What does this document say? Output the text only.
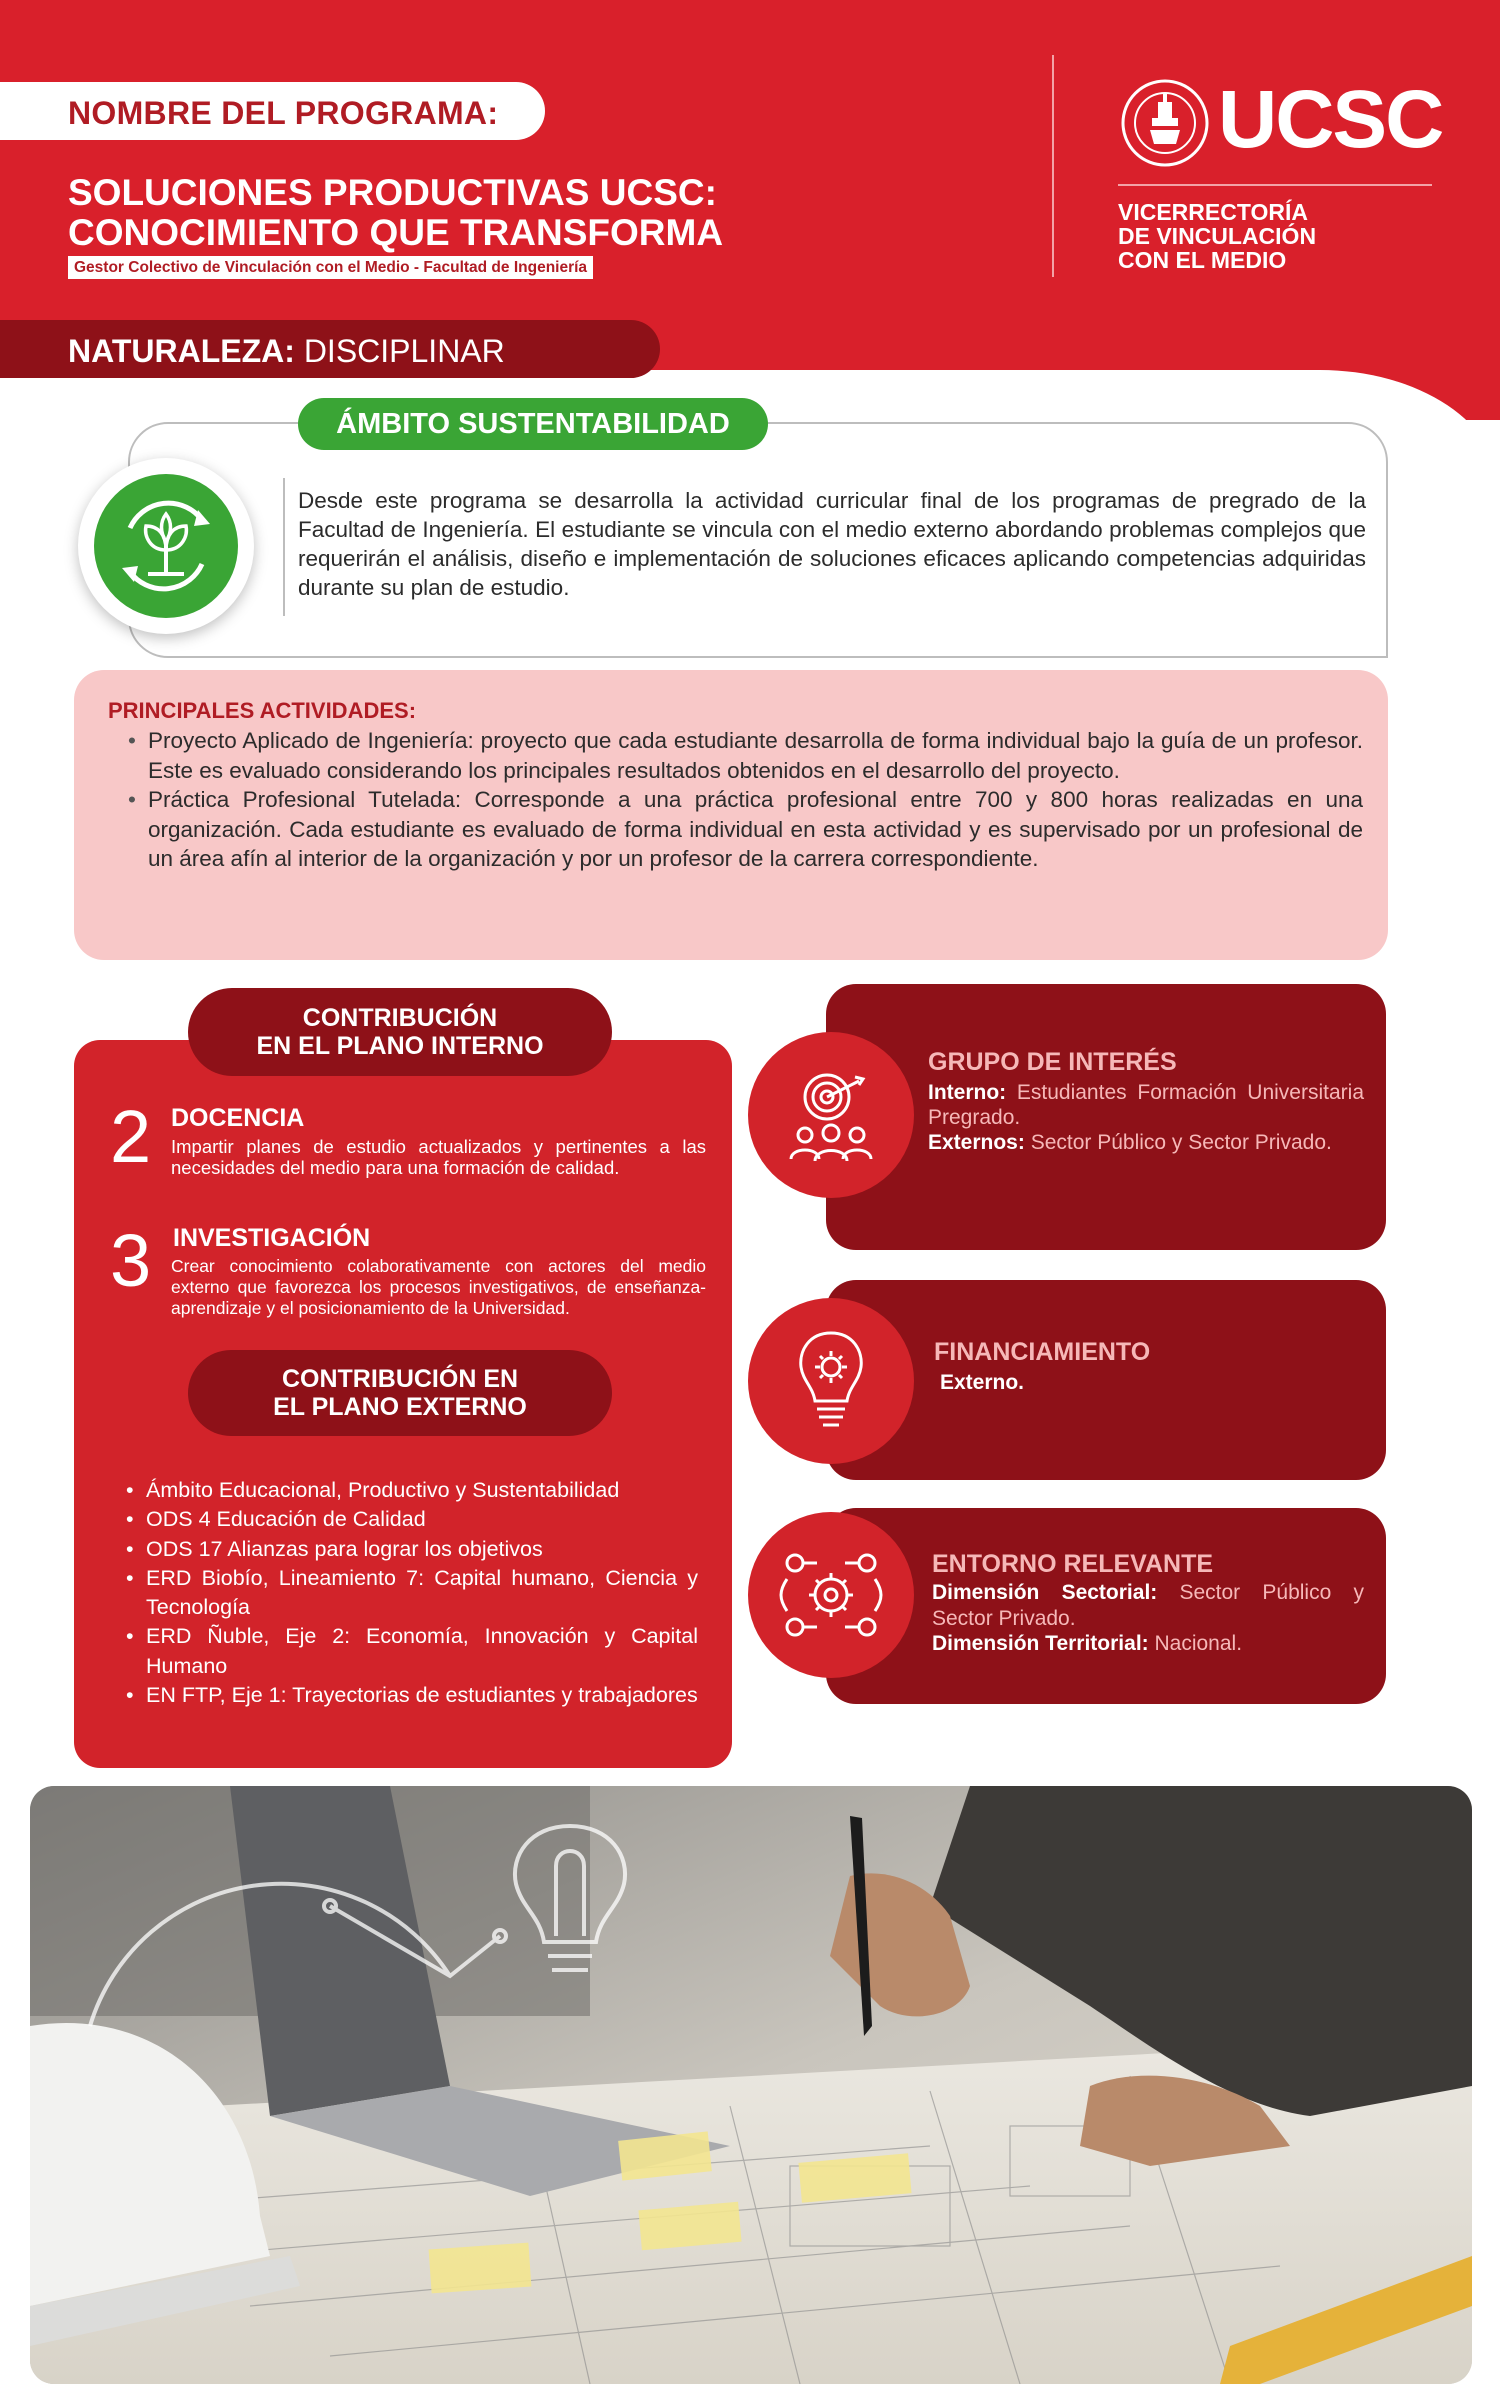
NOMBRE DEL PROGRAMA:
SOLUCIONES PRODUCTIVAS UCSC:
CONOCIMIENTO QUE TRANSFORMA
Gestor Colectivo de Vinculación con el Medio - Facultad de Ingeniería
UCSC
VICERRECTORÍA
DE VINCULACIÓN
CON EL MEDIO
NATURALEZA: DISCIPLINAR
ÁMBITO SUSTENTABILIDAD
Desde este programa se desarrolla la actividad curricular final de los programas de pregrado de la Facultad de Ingeniería. El estudiante se vincula con el medio externo abordando problemas complejos que requerirán el análisis, diseño e implementación de soluciones eficaces aplicando competencias adquiridas durante su plan de estudio.
PRINCIPALES ACTIVIDADES:
• Proyecto Aplicado de Ingeniería: proyecto que cada estudiante desarrolla de forma individual bajo la guía de un profesor. Este es evaluado considerando los principales resultados obtenidos en el desarrollo del proyecto.
• Práctica Profesional Tutelada: Corresponde a una práctica profesional entre 700 y 800 horas realizadas en una organización. Cada estudiante es evaluado de forma individual en esta actividad y es supervisado por un profesional de un área afín al interior de la organización y por un profesor de la carrera correspondiente.
CONTRIBUCIÓN
EN EL PLANO INTERNO
2 DOCENCIA
Impartir planes de estudio actualizados y pertinentes a las necesidades del medio para una formación de calidad.
3 INVESTIGACIÓN
Crear conocimiento colaborativamente con actores del medio externo que favorezca los procesos investigativos, de enseñanza-aprendizaje y el posicionamiento de la Universidad.
CONTRIBUCIÓN EN
EL PLANO EXTERNO
• Ámbito Educacional, Productivo y Sustentabilidad
• ODS 4 Educación de Calidad
• ODS 17 Alianzas para lograr los objetivos
• ERD Biobío, Lineamiento 7: Capital humano, Ciencia y Tecnología
• ERD Ñuble, Eje 2: Economía, Innovación y Capital Humano
• EN FTP, Eje 1: Trayectorias de estudiantes y trabajadores
GRUPO DE INTERÉS
Interno: Estudiantes Formación Universitaria Pregrado.
Externos: Sector Público y Sector Privado.
FINANCIAMIENTO
Externo.
ENTORNO RELEVANTE
Dimensión Sectorial: Sector Público y Sector Privado.
Dimensión Territorial: Nacional.
